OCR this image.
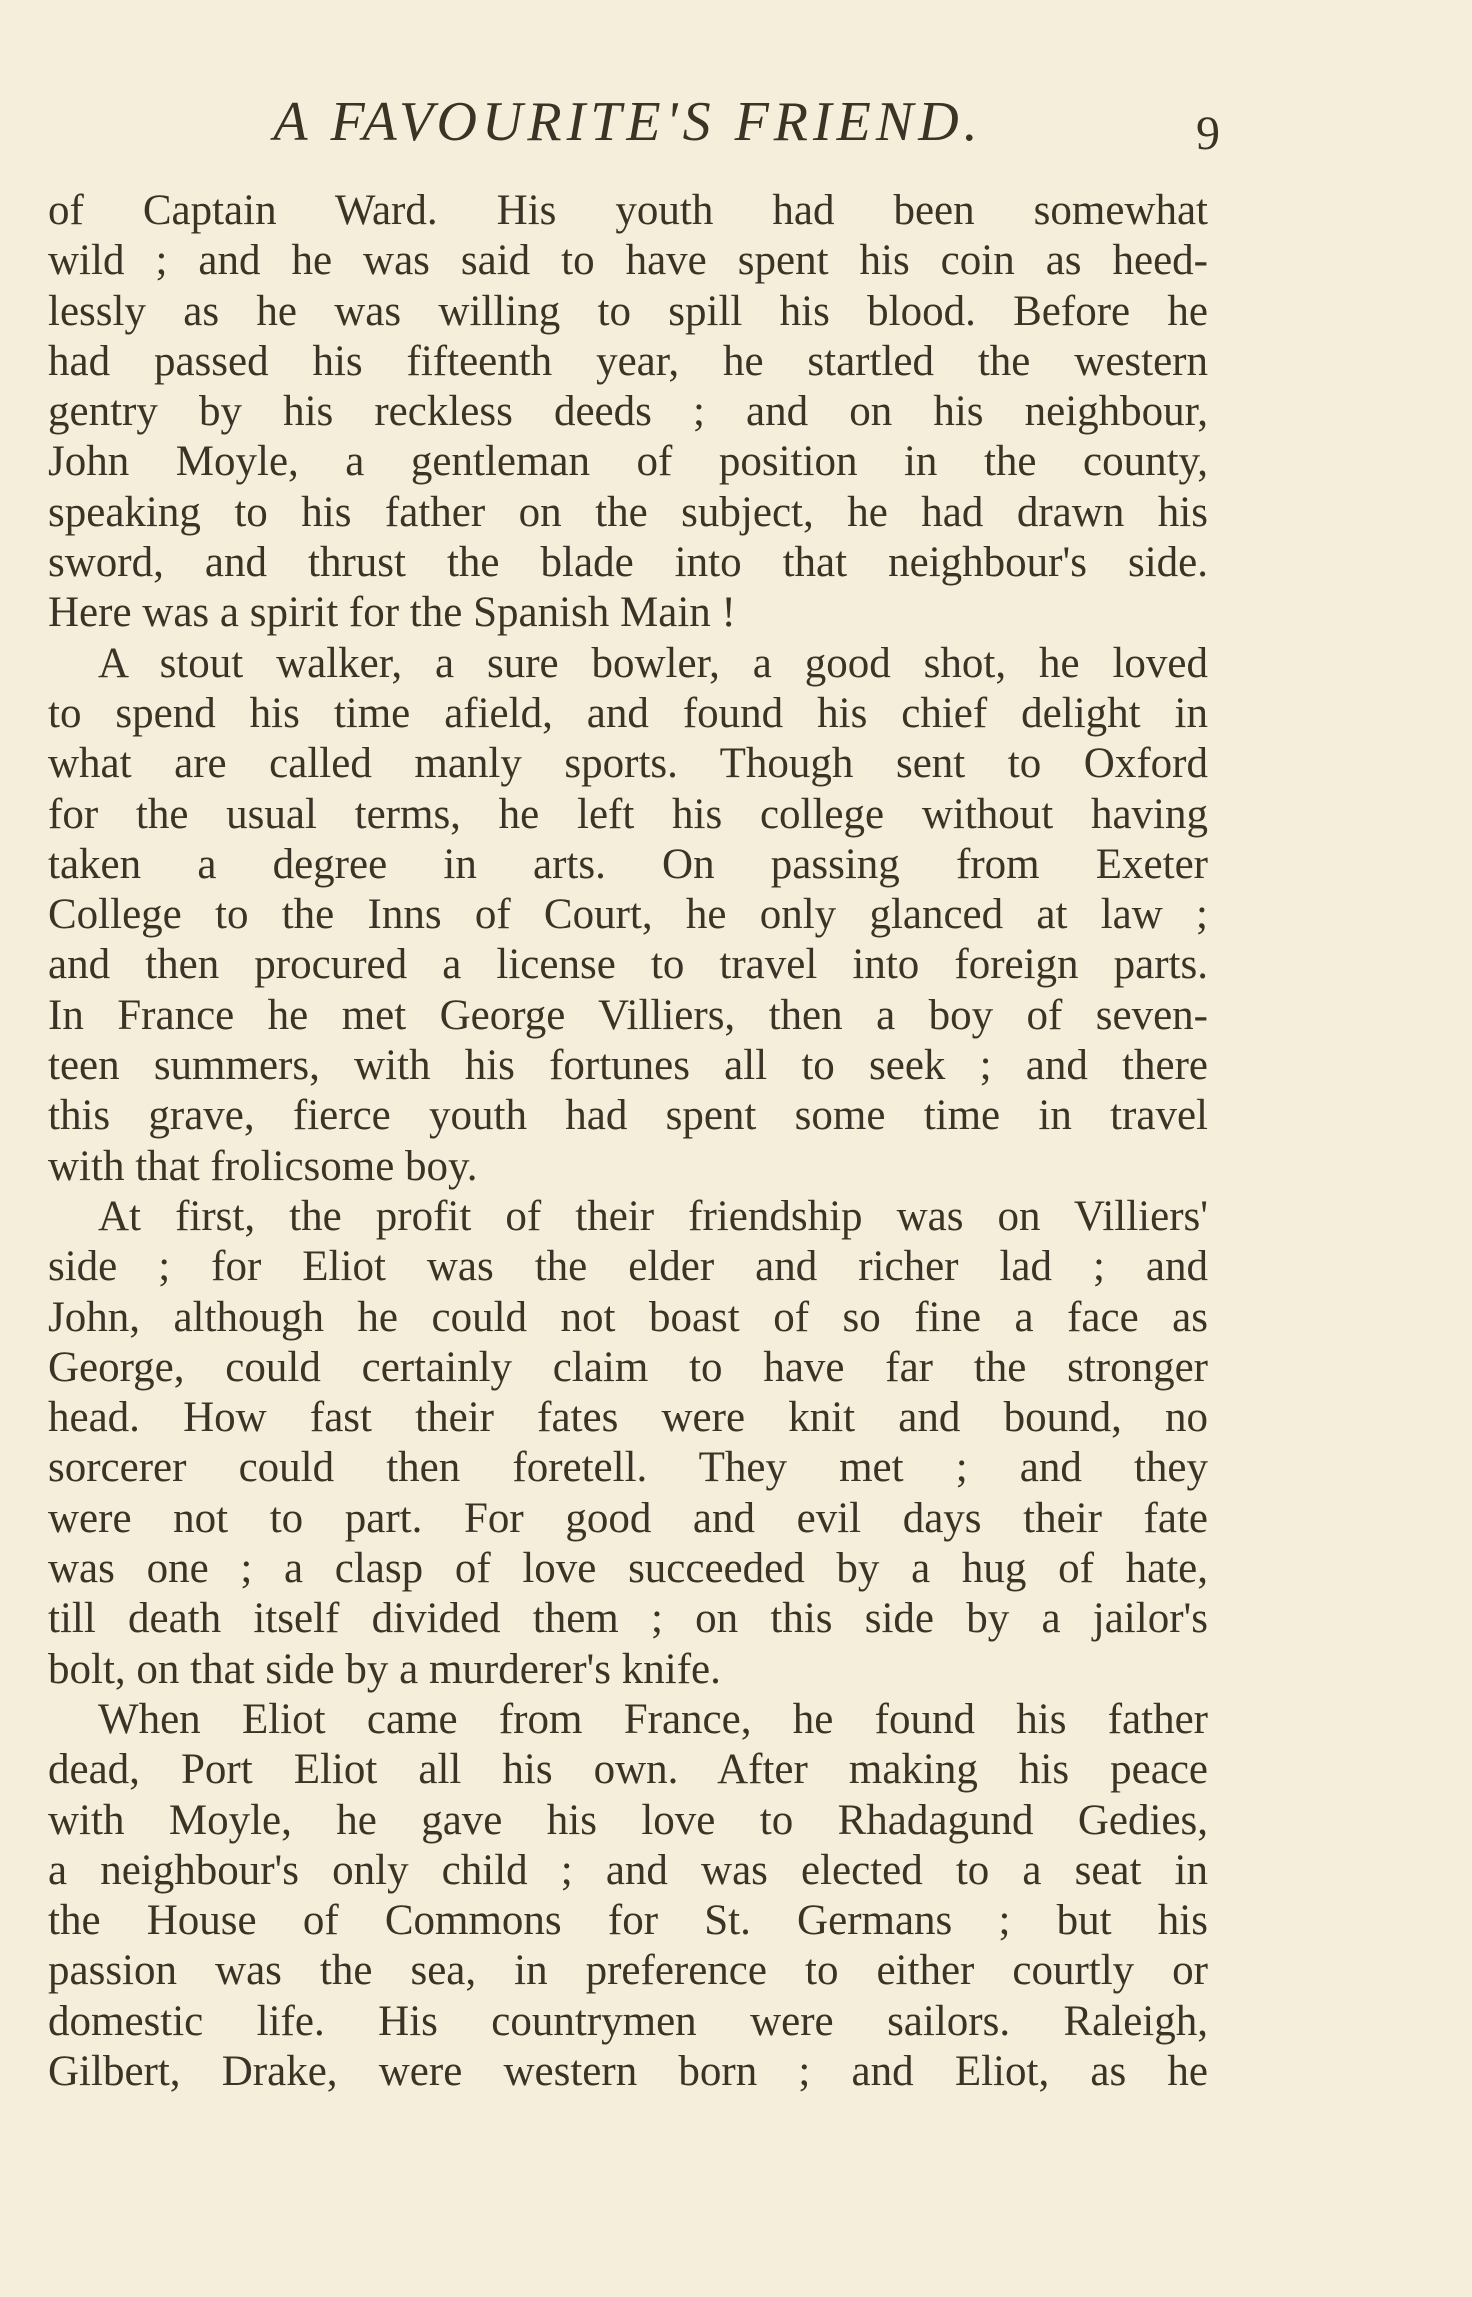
A FAVOURITE'S FRIEND.	9
of Captain Ward. His youth had been somewhat
wild ; and he was said to have spent his coin as heed-
lessly as he was willing to spill his blood. Before he
had passed his fifteenth year, he startled the western
gentry by his reckless deeds ; and on his neighbour,
John Moyle, a gentleman of position in the county,
speaking to his father on the subject, he had drawn his
sword, and thrust the blade into that neighbour's side.
Here was a spirit for the Spanish Main !
A stout walker, a sure bowler, a good shot, he loved
to spend his time afield, and found his chief delight in
what are called manly sports. Though sent to Oxford
for the usual terms, he left his college without having
taken a degree in arts. On passing from Exeter
College to the Inns of Court, he only glanced at law ;
and then procured a license to travel into foreign parts.
In France he met George Villiers, then a boy of seven-
teen summers, with his fortunes all to seek ; and there
this grave, fierce youth had spent some time in travel
with that frolicsome boy.
At first, the profit of their friendship was on Villiers'
side ; for Eliot was the elder and richer lad ; and
John, although he could not boast of so fine a face as
George, could certainly claim to have far the stronger
head. How fast their fates were knit and bound, no
sorcerer could then foretell. They met ; and they
were not to part. For good and evil days their fate
was one ; a clasp of love succeeded by a hug of hate,
till death itself divided them ; on this side by a jailor's
bolt, on that side by a murderer's knife.
When Eliot came from France, he found his father
dead, Port Eliot all his own. After making his peace
with Moyle, he gave his love to Rhadagund Gedies,
a neighbour's only child ; and was elected to a seat in
the House of Commons for St. Germans ; but his
passion was the sea, in preference to either courtly or
domestic life. His countrymen were sailors. Raleigh,
Gilbert, Drake, were western born ; and Eliot, as he
